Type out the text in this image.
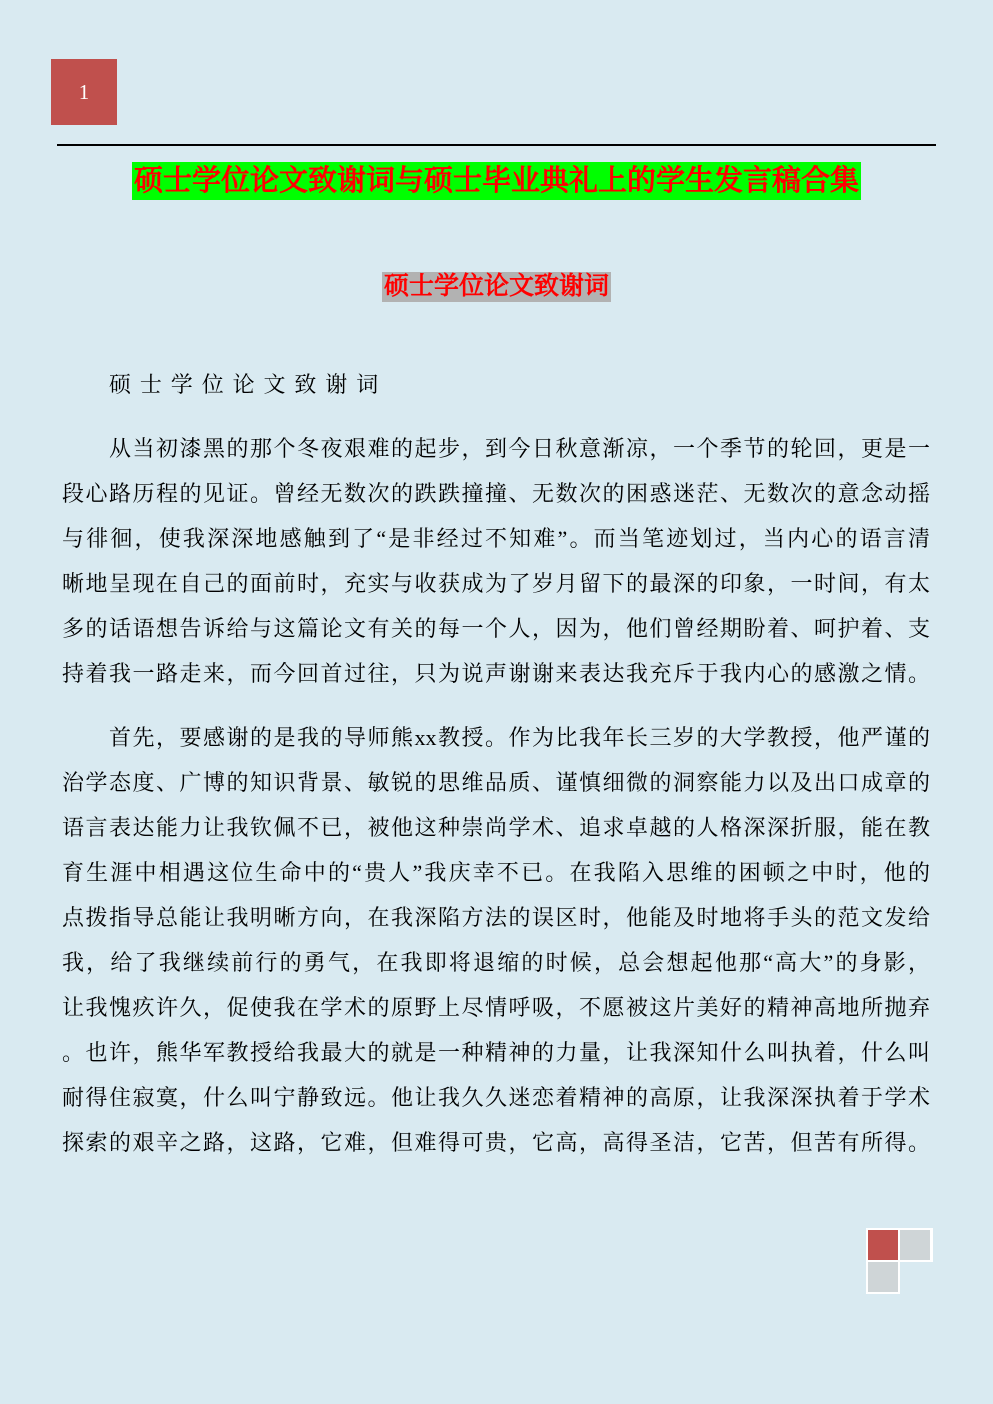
1
硕士学位论文致谢词与硕士毕业典礼上的学生发言稿合集
硕士学位论文致谢词
硕 士 学 位 论 文 致 谢 词
从当初漆黑的那个冬夜艰难的起步，到今日秋意渐凉，一个季节的轮回，更是一
段心路历程的见证。曾经无数次的跌跌撞撞、无数次的困惑迷茫、无数次的意念动摇
与徘徊，使我深深地感触到了“是非经过不知难”。而当笔迹划过，当内心的语言清
晰地呈现在自己的面前时，充实与收获成为了岁月留下的最深的印象，一时间，有太
多的话语想告诉给与这篇论文有关的每一个人，因为，他们曾经期盼着、呵护着、支
持着我一路走来，而今回首过往，只为说声谢谢来表达我充斥于我内心的感激之情。
首先，要感谢的是我的导师熊xx教授。作为比我年长三岁的大学教授，他严谨的
治学态度、广博的知识背景、敏锐的思维品质、谨慎细微的洞察能力以及出口成章的
语言表达能力让我钦佩不已，被他这种崇尚学术、追求卓越的人格深深折服，能在教
育生涯中相遇这位生命中的“贵人”我庆幸不已。在我陷入思维的困顿之中时，他的
点拨指导总能让我明晰方向，在我深陷方法的误区时，他能及时地将手头的范文发给
我，给了我继续前行的勇气，在我即将退缩的时候，总会想起他那“高大”的身影，
让我愧疚许久，促使我在学术的原野上尽情呼吸，不愿被这片美好的精神高地所抛弃
。也许，熊华军教授给我最大的就是一种精神的力量，让我深知什么叫执着，什么叫
耐得住寂寞，什么叫宁静致远。他让我久久迷恋着精神的高原，让我深深执着于学术
探索的艰辛之路，这路，它难，但难得可贵，它高，高得圣洁，它苦，但苦有所得。
